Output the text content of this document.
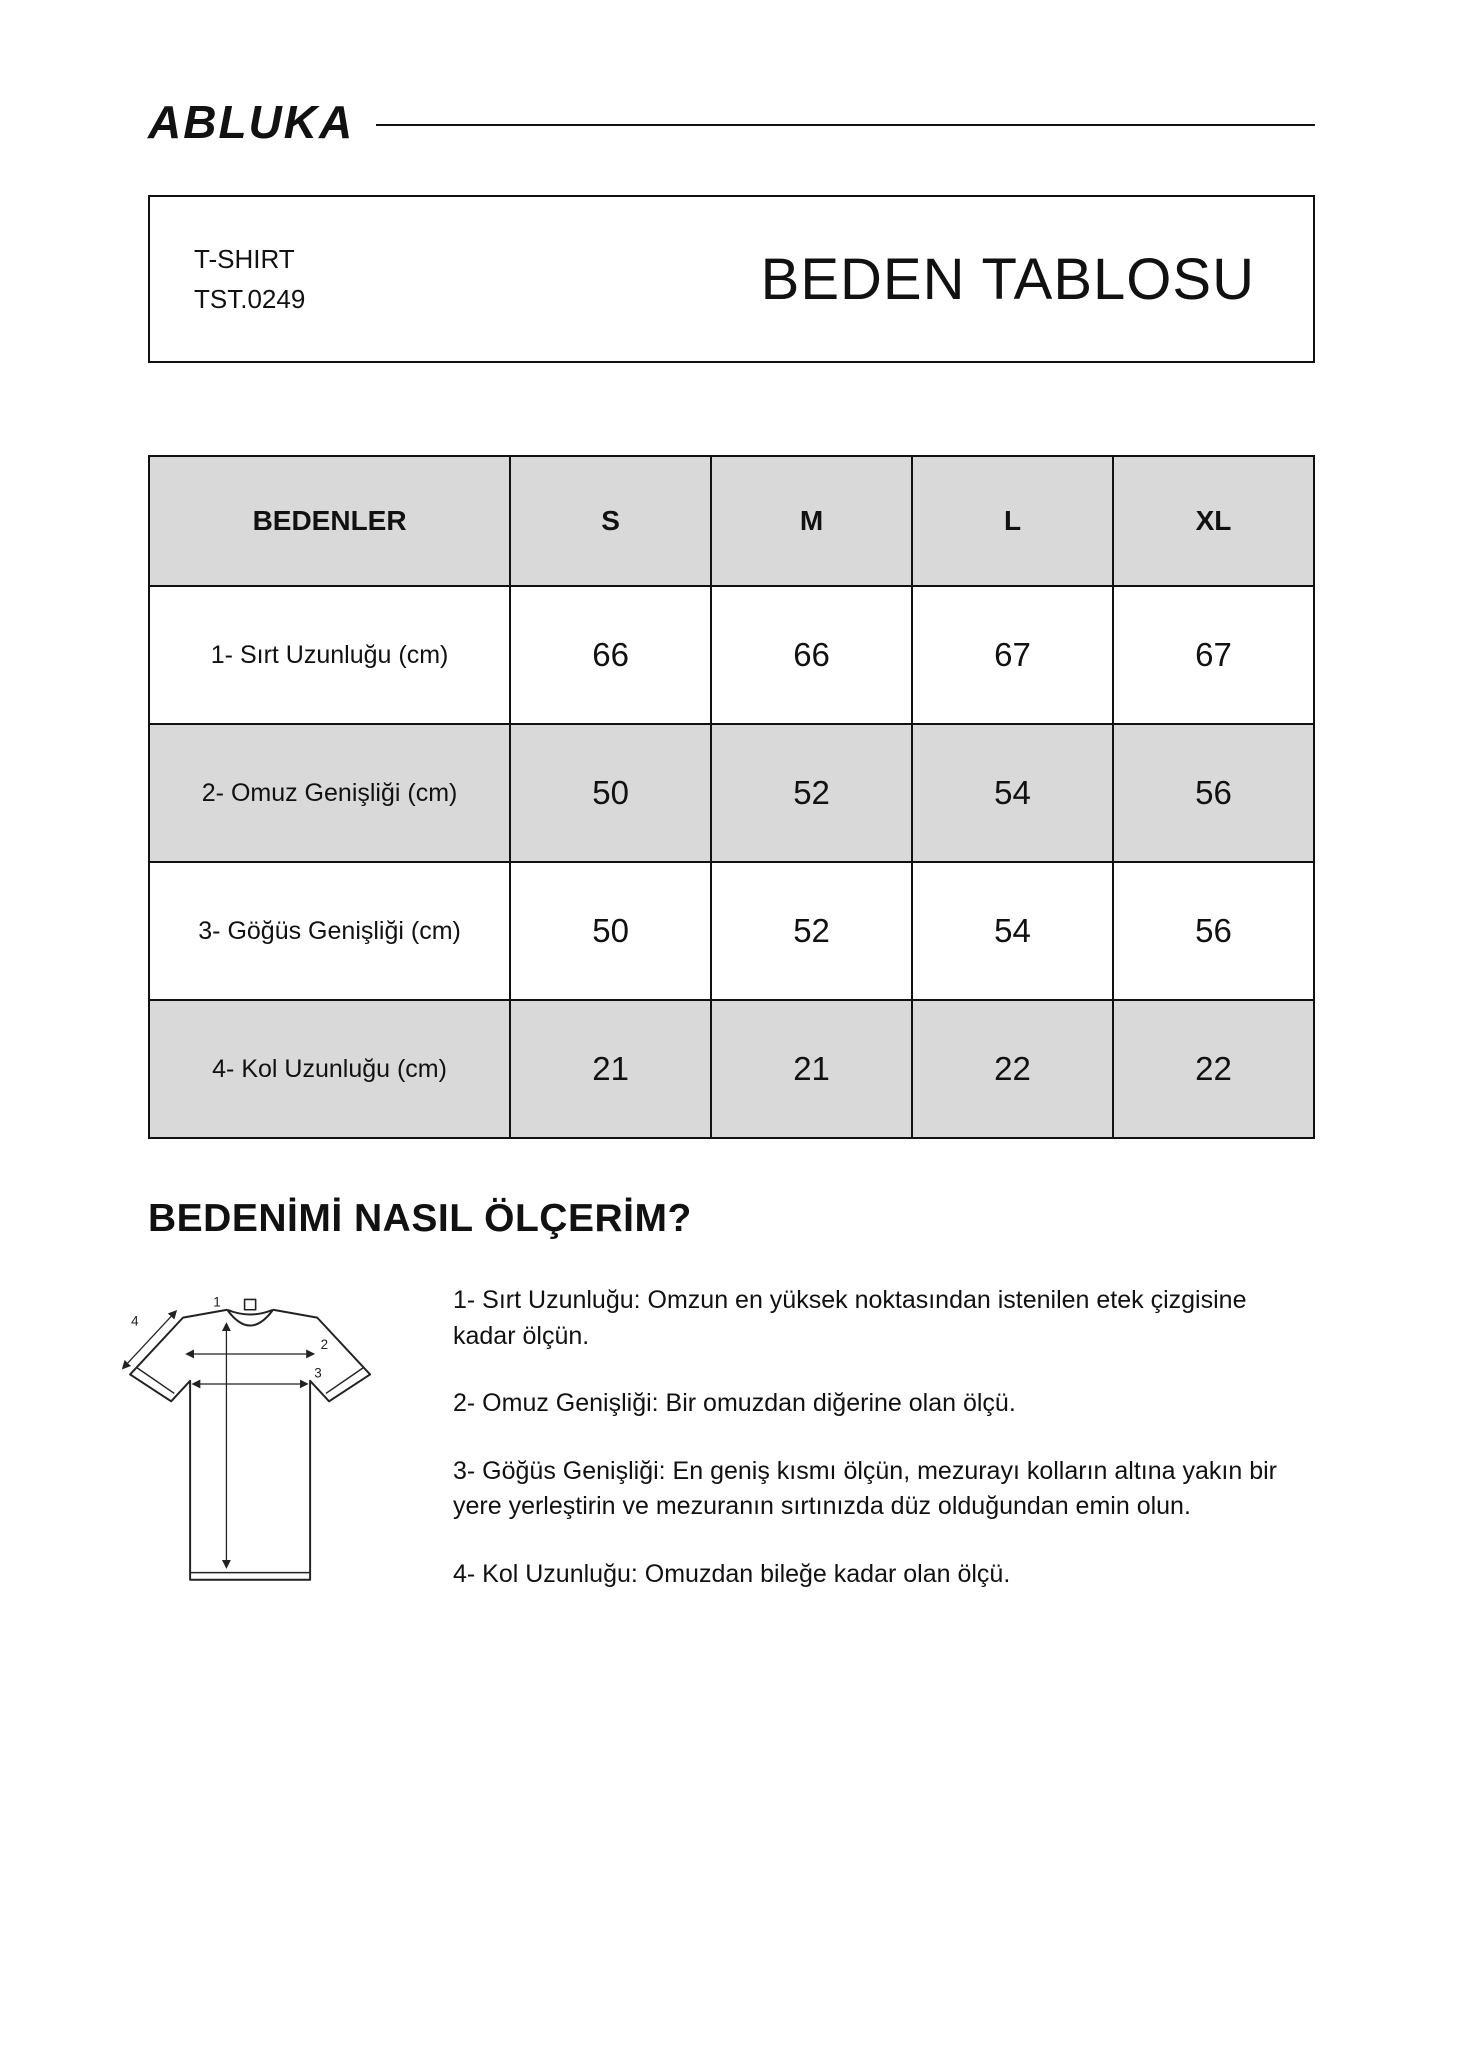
ABLUKA
T-SHIRT
TST.0249	BEDEN TABLOSU
BEDENLER	S	M	L	XL
1- Sırt Uzunluğu (cm)	66	66	67	67
2- Omuz Genişliği (cm)	50	52	54	56
3- Göğüs Genişliği (cm)	50	52	54	56
4- Kol Uzunluğu (cm)	21	21	22	22
BEDENİMİ NASIL ÖLÇERİM?
1
2
3
4

1- Sırt Uzunluğu: Omzun en yüksek noktasından istenilen etek çizgisine kadar ölçün.

2- Omuz Genişliği: Bir omuzdan diğerine olan ölçü.

3- Göğüs Genişliği: En geniş kısmı ölçün, mezurayı kolların altına yakın bir yere yerleştirin ve mezuranın sırtınızda düz olduğundan emin olun.

4- Kol Uzunluğu: Omuzdan bileğe kadar olan ölçü.
